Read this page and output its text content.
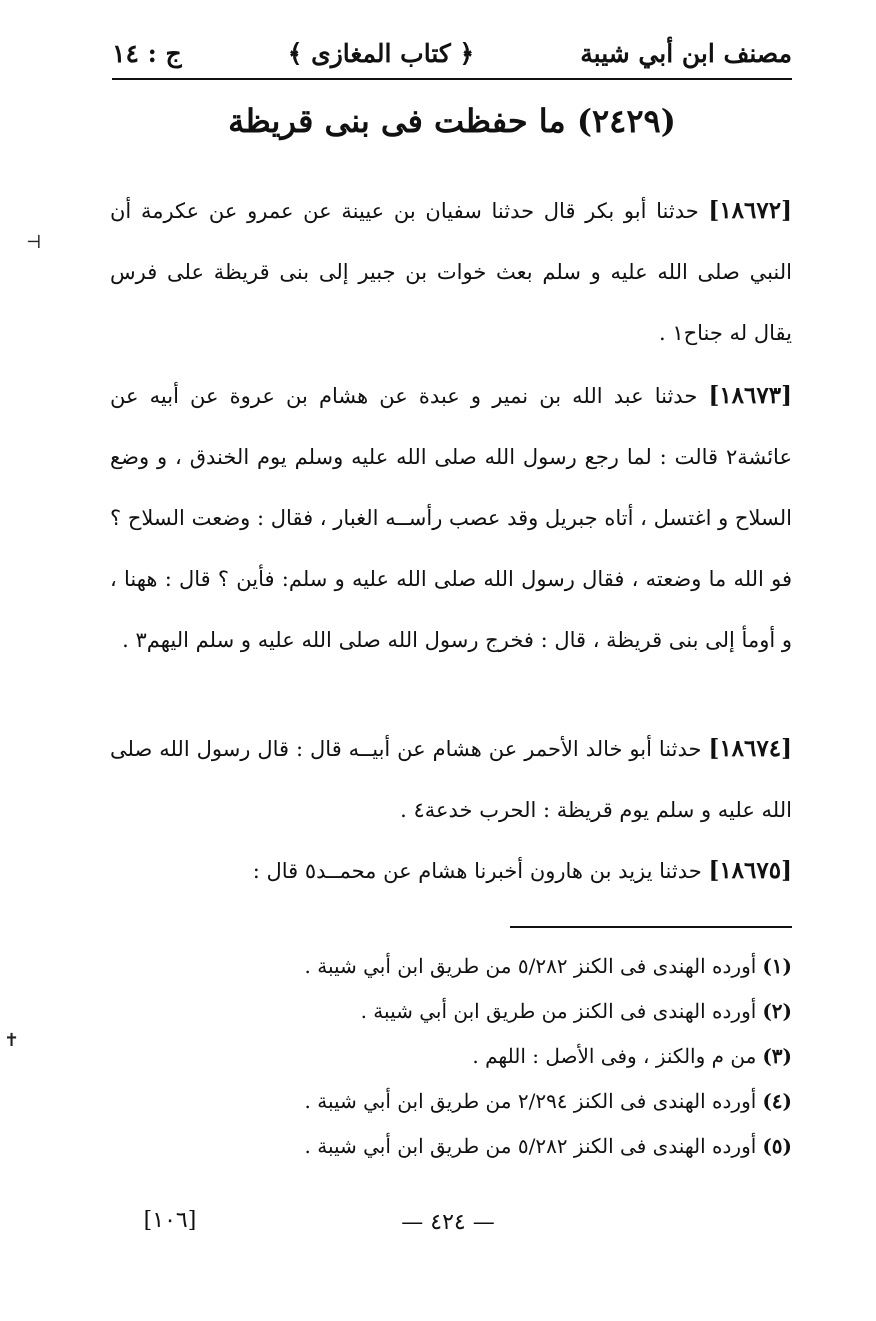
مصنف ابن أبي شيبة
﴿ كتاب المغازى ﴾
ج : ١٤
(٢٤٢٩) ما حفظت فى بنى قريظة
[١٨٦٧٢] حدثنا أبو بكر قال حدثنا سفيان بن عيينة عن عمرو عن عكرمة أن النبي صلى الله عليه و سلم بعث خوات بن جبير إلى بنى قريظة على فرس يقال له جناح١ .
[١٨٦٧٣] حدثنا عبد الله بن نمير و عبدة عن هشام بن عروة عن أبيه عن عائشة٢ قالت : لما رجع رسول الله صلى الله عليه وسلم يوم الخندق ، و وضع السلاح و اغتسل ، أتاه جبريل وقد عصب رأســه الغبار ، فقال : وضعت السلاح ؟ فو الله ما وضعته ، فقال رسول الله صلى الله عليه و سلم: فأين ؟ قال : ههنا ، و أومأ إلى بنى قريظة ، قال : فخرج رسول الله صلى الله عليه و سلم اليهم٣ .
[١٨٦٧٤] حدثنا أبو خالد الأحمر عن هشام عن أبيــه قال : قال رسول الله صلى الله عليه و سلم يوم قريظة : الحرب خدعة٤ .
[١٨٦٧٥] حدثنا يزيد بن هارون أخبرنا هشام عن محمــد٥ قال :
(١)أورده الهندى فى الكنز ٥/٢٨٢ من طريق ابن أبي شيبة .
(٢)أورده الهندى فى الكنز من طريق ابن أبي شيبة .
(٣)من م والكنز ، وفى الأصل : اللهم .
(٤)أورده الهندى فى الكنز ٢/٢٩٤ من طريق ابن أبي شيبة .
(٥)أورده الهندى فى الكنز ٥/٢٨٢ من طريق ابن أبي شيبة .
— ٤٢٤ —
[١٠٦]
⊢
✝
